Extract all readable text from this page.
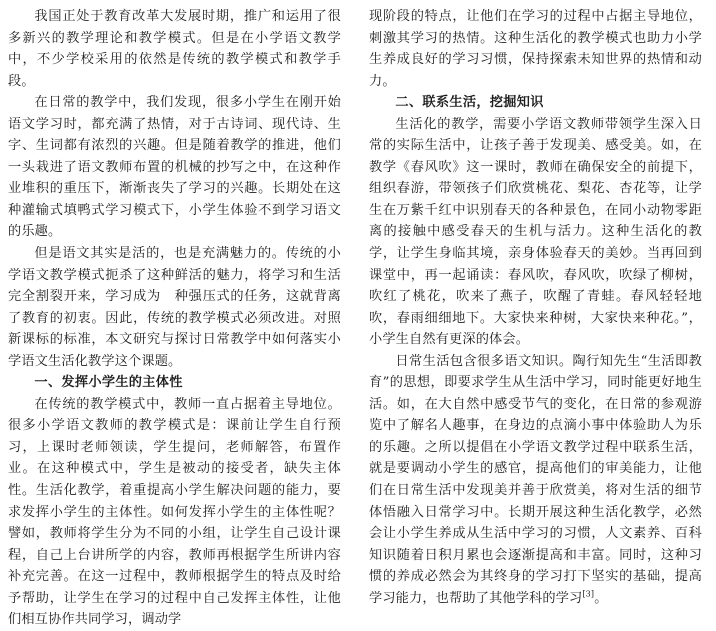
我国正处于教育改革大发展时期，推广和运用了很多新兴的教学理论和教学模式。但是在小学语文教学中，不少学校采用的依然是传统的教学模式和教学手段。

在日常的教学中，我们发现，很多小学生在刚开始语文学习时，都充满了热情，对于古诗词、现代诗、生字、生词都有浓烈的兴趣。但是随着教学的推进，他们一头栽进了语文教师布置的机械的抄写之中，在这种作业堆积的重压下，渐渐丧失了学习的兴趣。长期处在这种灌输式填鸭式学习模式下，小学生体验不到学习语文的乐趣。

但是语文其实是活的，也是充满魅力的。传统的小学语文教学模式扼杀了这种鲜活的魅力，将学习和生活完全割裂开来，学习成为　种强压式的任务，这就背离了教育的初衷。因此，传统的教学模式必须改进。对照新课标的标准，本文研究与探讨日常教学中如何落实小学语文生活化教学这个课题。

一、发挥小学生的主体性

在传统的教学模式中，教师一直占据着主导地位。很多小学语文教师的教学模式是：课前让学生自行预习，上课时老师领读，学生提问，老师解答，布置作业。在这种模式中，学生是被动的接受者，缺失主体性。生活化教学，着重提高小学生解决问题的能力，要求发挥小学生的主体性。如何发挥小学生的主体性呢？譬如，教师将学生分为不同的小组，让学生自己设计课程，自己上台讲所学的内容，教师再根据学生所讲内容补充完善。在这一过程中，教师根据学生的特点及时给予帮助，让学生在学习的过程中自己发挥主体性，让他们相互协作共同学习，调动学

现阶段的特点，让他们在学习的过程中占据主导地位，刺激其学习的热情。这种生活化的教学模式也助力小学生养成良好的学习习惯，保持探索未知世界的热情和动力。

二、联系生活，挖掘知识

生活化的教学，需要小学语文教师带领学生深入日常的实际生活中，让孩子善于发现美、感受美。如，在教学《春风吹》这一课时，教师在确保安全的前提下，组织春游，带领孩子们欣赏桃花、梨花、杏花等，让学生在万紫千红中识别春天的各种景色，在同小动物零距离的接触中感受春天的生机与活力。这种生活化的教学，让学生身临其境，亲身体验春天的美妙。当再回到课堂中，再一起诵读：春风吹，春风吹，吹绿了柳树，吹红了桃花，吹来了燕子，吹醒了青蛙。春风轻轻地吹，春雨细细地下。大家快来种树，大家快来种花。”，小学生自然有更深的体会。

日常生活包含很多语文知识。陶行知先生“生活即教育”的思想，即要求学生从生活中学习，同时能更好地生活。如，在大自然中感受节气的变化，在日常的参观游览中了解名人趣事，在身边的点滴小事中体验助人为乐的乐趣。之所以提倡在小学语文教学过程中联系生活，就是要调动小学生的感官，提高他们的审美能力，让他们在日常生活中发现美并善于欣赏美，将对生活的细节体悟融入日常学习中。长期开展这种生活化教学，必然会让小学生养成从生活中学习的习惯，人文素养、百科知识随着日积月累也会逐渐提高和丰富。同时，这种习惯的养成必然会为其终身的学习打下坚实的基础，提高学习能力，也帮助了其他学科的学习[3]。
